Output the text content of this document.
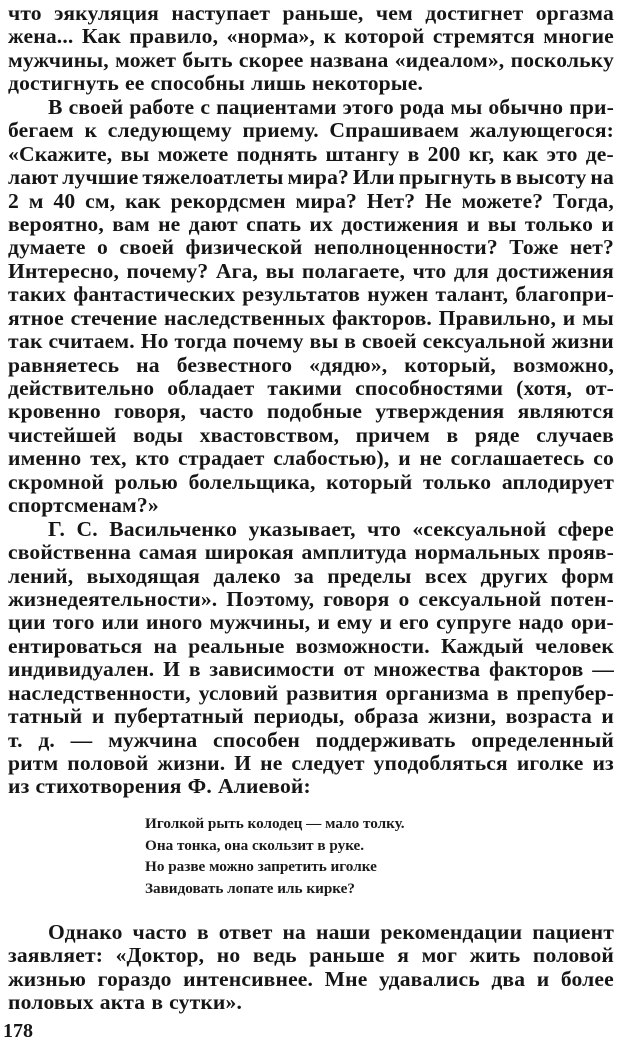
что эякуляция наступает раньше, чем достигнет оргазма
жена... Как правило, «норма», к которой стремятся многие
мужчины, может быть скорее названа «идеалом», поскольку
достигнуть ее способны лишь некоторые.
В своей работе с пациентами этого рода мы обычно при-
бегаем к следующему приему. Спрашиваем жалующегося:
«Скажите, вы можете поднять штангу в 200 кг, как это де-
лают лучшие тяжелоатлеты мира? Или прыгнуть в высоту на
2 м 40 см, как рекордсмен мира? Нет? Не можете? Тогда,
вероятно, вам не дают спать их достижения и вы только и
думаете о своей физической неполноценности? Тоже нет?
Интересно, почему? Ага, вы полагаете, что для достижения
таких фантастических результатов нужен талант, благопри-
ятное стечение наследственных факторов. Правильно, и мы
так считаем. Но тогда почему вы в своей сексуальной жизни
равняетесь на безвестного «дядю», который, возможно,
действительно обладает такими способностями (хотя, от-
кровенно говоря, часто подобные утверждения являются
чистейшей воды хвастовством, причем в ряде случаев
именно тех, кто страдает слабостью), и не соглашаетесь со
скромной ролью болельщика, который только аплодирует
спортсменам?»
Г. С. Васильченко указывает, что «сексуальной сфере
свойственна самая широкая амплитуда нормальных прояв-
лений, выходящая далеко за пределы всех других форм
жизнедеятельности». Поэтому, говоря о сексуальной потен-
ции того или иного мужчины, и ему и его супруге надо ори-
ентироваться на реальные возможности. Каждый человек
индивидуален. И в зависимости от множества факторов —
наследственности, условий развития организма в препубер-
татный и пубертатный периоды, образа жизни, возраста и
т. д. — мужчина способен поддерживать определенный
ритм половой жизни. И не следует уподобляться иголке из
из стихотворения Ф. Алиевой:
Иголкой рыть колодец — мало толку.
Она тонка, она скользит в руке.
Но разве можно запретить иголке
Завидовать лопате иль кирке?
Однако часто в ответ на наши рекомендации пациент
заявляет: «Доктор, но ведь раньше я мог жить половой
жизнью гораздо интенсивнее. Мне удавались два и более
половых акта в сутки».
178
